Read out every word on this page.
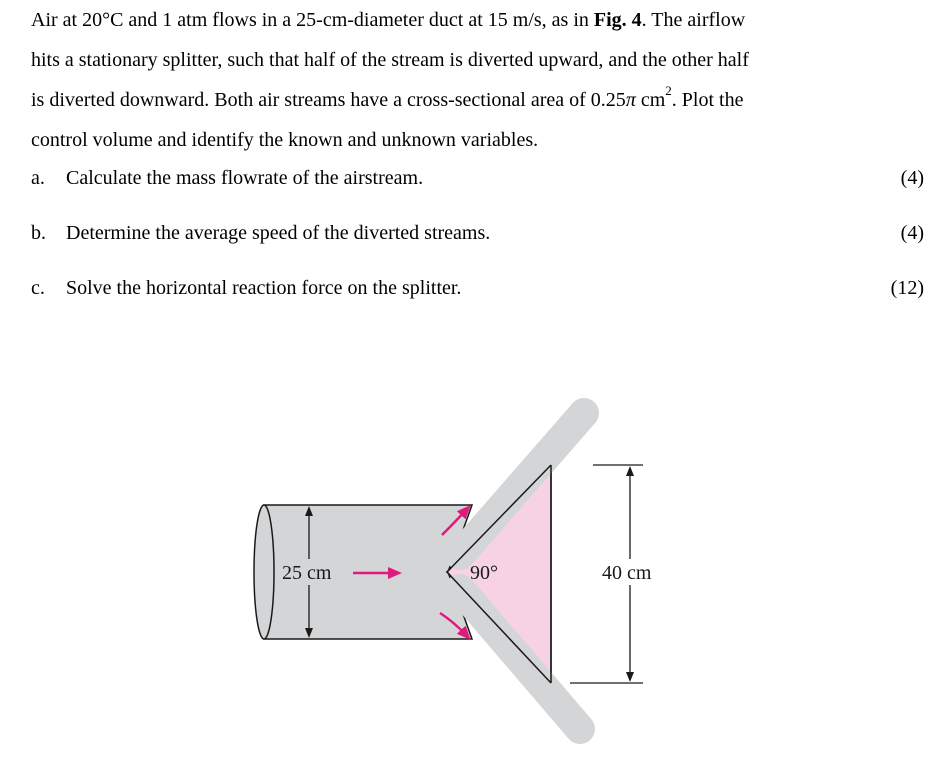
Air at 20°C and 1 atm flows in a 25-cm-diameter duct at 15 m/s, as in Fig. 4. The airflow
hits a stationary splitter, such that half of the stream is diverted upward, and the other half
is diverted downward. Both air streams have a cross-sectional area of 0.25π $cm^2$. Plot the
control volume and identify the known and unknown variables.
a. Calculate the mass flowrate of the airstream.	(4)
b. Determine the average speed of the diverted streams.	(4)
c. Solve the horizontal reaction force on the splitter.	(12)
25 cm	90°	40 cm
